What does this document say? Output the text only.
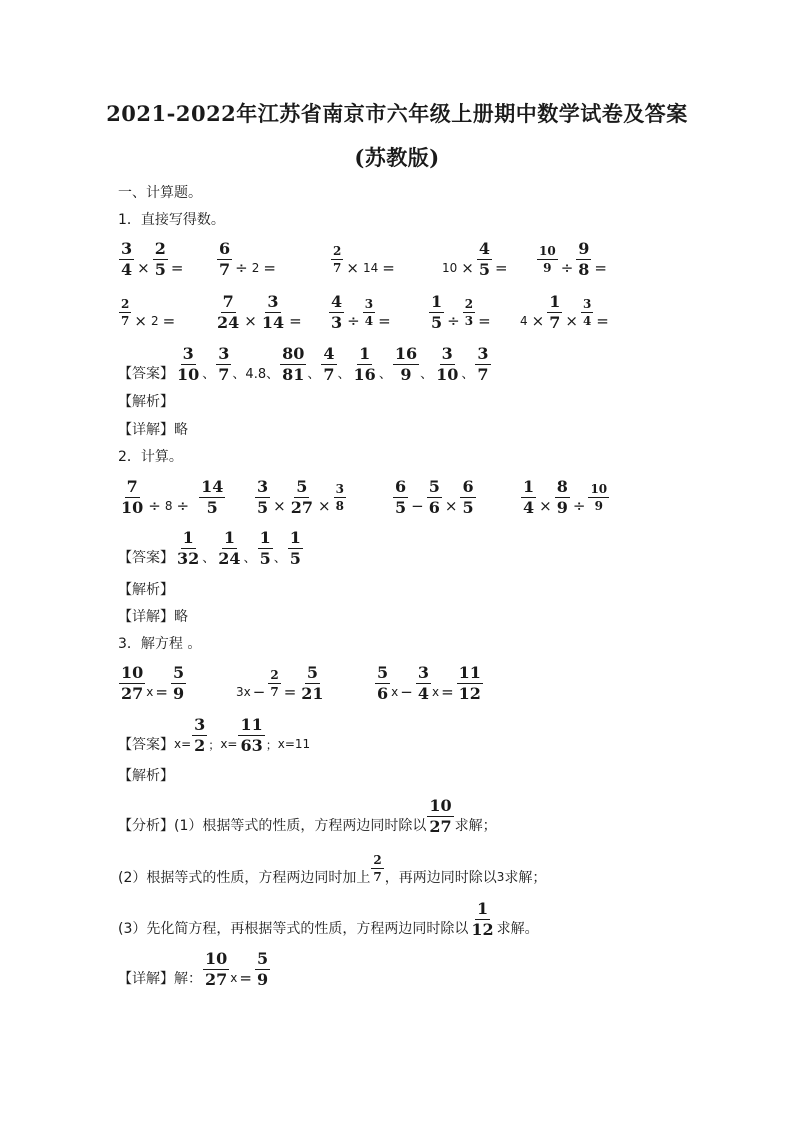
2021-2022年江苏省南京市六年级上册期中数学试卷及答案
(苏教版)
一、计算题。
1．直接写得数。
$\frac{3}{4} \times \frac{2}{5} = \frac{6}{7} \div 2$ =	$\frac{2}{7} \times 14$ =	$10 \times \frac{4}{5} = \frac{10}{9} \div \frac{9}{8}$ =
$\frac{2}{7} \times 2 = \frac{7}{24} \times \frac{3}{14} = \frac{4}{3} \div \frac{3}{4} = \frac{1}{5} \div \frac{2}{3} = 4 \times \frac{1}{7} \times \frac{3}{4}$ =
【答案】 $\frac{3}{10}$ 、 $\frac{3}{7}$ 、4.8、 $\frac{80}{81}$ 、 $\frac{4}{7}$ 、 $\frac{1}{16}$ 、 $\frac{16}{9}$ 、 $\frac{3}{10}$ 、 $\frac{3}{7}$
【解析】
【详解】略
2．计算。
$\frac{7}{10} \div 8 \div \frac{14}{5} \frac{3}{5} \times \frac{5}{27} \times \frac{3}{8}$	$\frac{6}{5} - \frac{5}{6} \times \frac{6}{5}$	$\frac{1}{4} \times \frac{8}{9} \div \frac{10}{9}$
【答案】 $\frac{1}{32}$ 、 $\frac{1}{24}$ 、 $\frac{1}{5}$ 、 $\frac{1}{5}$
【解析】
【详解】略
3．解方程 。
$\frac{10}{27}$ $x = \frac{5}{9}$	$3x - \frac{2}{7} = \frac{5}{21}$	$\frac{5}{6}$ $x - \frac{3}{4}$ $x = \frac{11}{12}$
【答案】 $x= \frac{3}{2}$ ； $x= \frac{11}{63}$ ； x=11
【解析】
【分析】(1）根据等式的性质，方程两边同时除以 $\frac{10}{27}$ 求解；
(2）根据等式的性质，方程两边同时加上 $\frac{2}{7}$ ，再两边同时除以 3 求解；
(3）先化简方程，再根据等式的性质，方程两边同时除以 $\frac{1}{12}$ 求解。
【详解】解： $\frac{10}{27}$ $x = \frac{5}{9}$
